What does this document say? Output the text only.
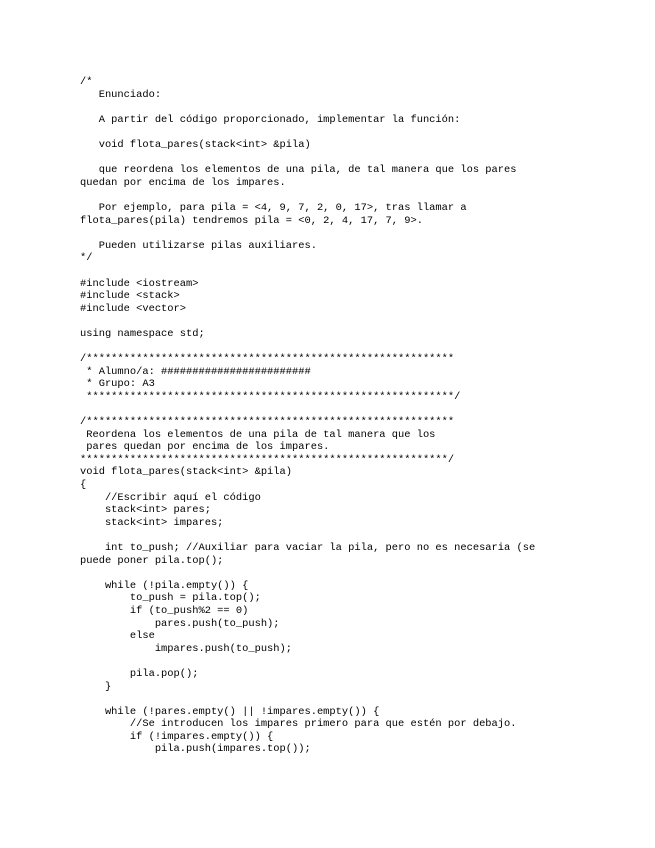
/*
Enunciado:
A partir del código proporcionado, implementar la función:
void flota_pares(stack<int> &pila)
que reordena los elementos de una pila, de tal manera que los pares
quedan por encima de los impares.
Por ejemplo, para pila = <4, 9, 7, 2, 0, 17>, tras llamar a
flota_pares(pila) tendremos pila = <0, 2, 4, 17, 7, 9>.
Pueden utilizarse pilas auxiliares.
*/
#include <iostream>
#include <stack>
#include <vector>
using namespace std;
/***********************************************************
* Alumno/a: ########################
* Grupo: A3
***********************************************************/
/***********************************************************
Reordena los elementos de una pila de tal manera que los
pares quedan por encima de los impares.
***********************************************************/
void flota_pares(stack<int> &pila)
{
//Escribir aquí el código
stack<int> pares;
stack<int> impares;
int to_push; //Auxiliar para vaciar la pila, pero no es necesaria (se
puede poner pila.top();
while (!pila.empty()) {
to_push = pila.top();
if (to_push%2 == 0)
pares.push(to_push);
else
impares.push(to_push);
pila.pop();
}
while (!pares.empty() || !impares.empty()) {
//Se introducen los impares primero para que estén por debajo.
if (!impares.empty()) {
pila.push(impares.top());
